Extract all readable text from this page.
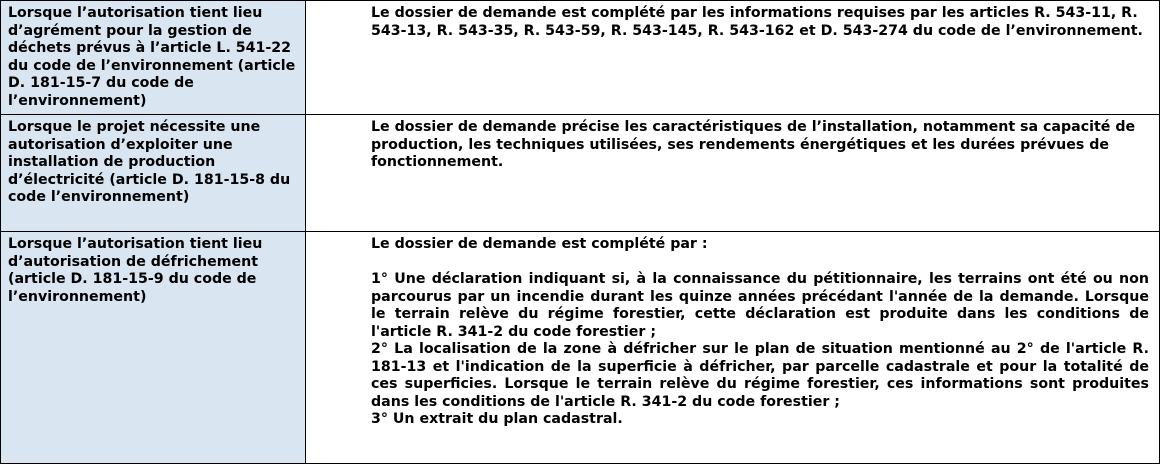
Lorsque l’autorisation tient lieu d’agrément pour la gestion de déchets prévus à l’article L. 541-22 du code de l’environnement (article D. 181-15-7 du code de l’environnement)	Le dossier de demande est complété par les informations requises par les articles R. 543-11, R. 543-13, R. 543-35, R. 543-59, R. 543-145, R. 543-162 et D. 543-274 du code de l’environnement.

Lorsque le projet nécessite une autorisation d’exploiter une installation de production d’électricité (article D. 181-15-8 du code l’environnement)	Le dossier de demande précise les caractéristiques de l’installation, notamment sa capacité de production, les techniques utilisées, ses rendements énergétiques et les durées prévues de fonctionnement.

Lorsque l’autorisation tient lieu d’autorisation de défrichement (article D. 181-15-9 du code de l’environnement)	Le dossier de demande est complété par :

1° Une déclaration indiquant si, à la connaissance du pétitionnaire, les terrains ont été ou non parcourus par un incendie durant les quinze années précédant l'année de la demande. Lorsque le terrain relève du régime forestier, cette déclaration est produite dans les conditions de l'article R. 341-2 du code forestier ;

2° La localisation de la zone à défricher sur le plan de situation mentionné au 2° de l'article R. 181-13 et l'indication de la superficie à défricher, par parcelle cadastrale et pour la totalité de ces superficies. Lorsque le terrain relève du régime forestier, ces informations sont produites dans les conditions de l'article R. 341-2 du code forestier ;

3° Un extrait du plan cadastral.
